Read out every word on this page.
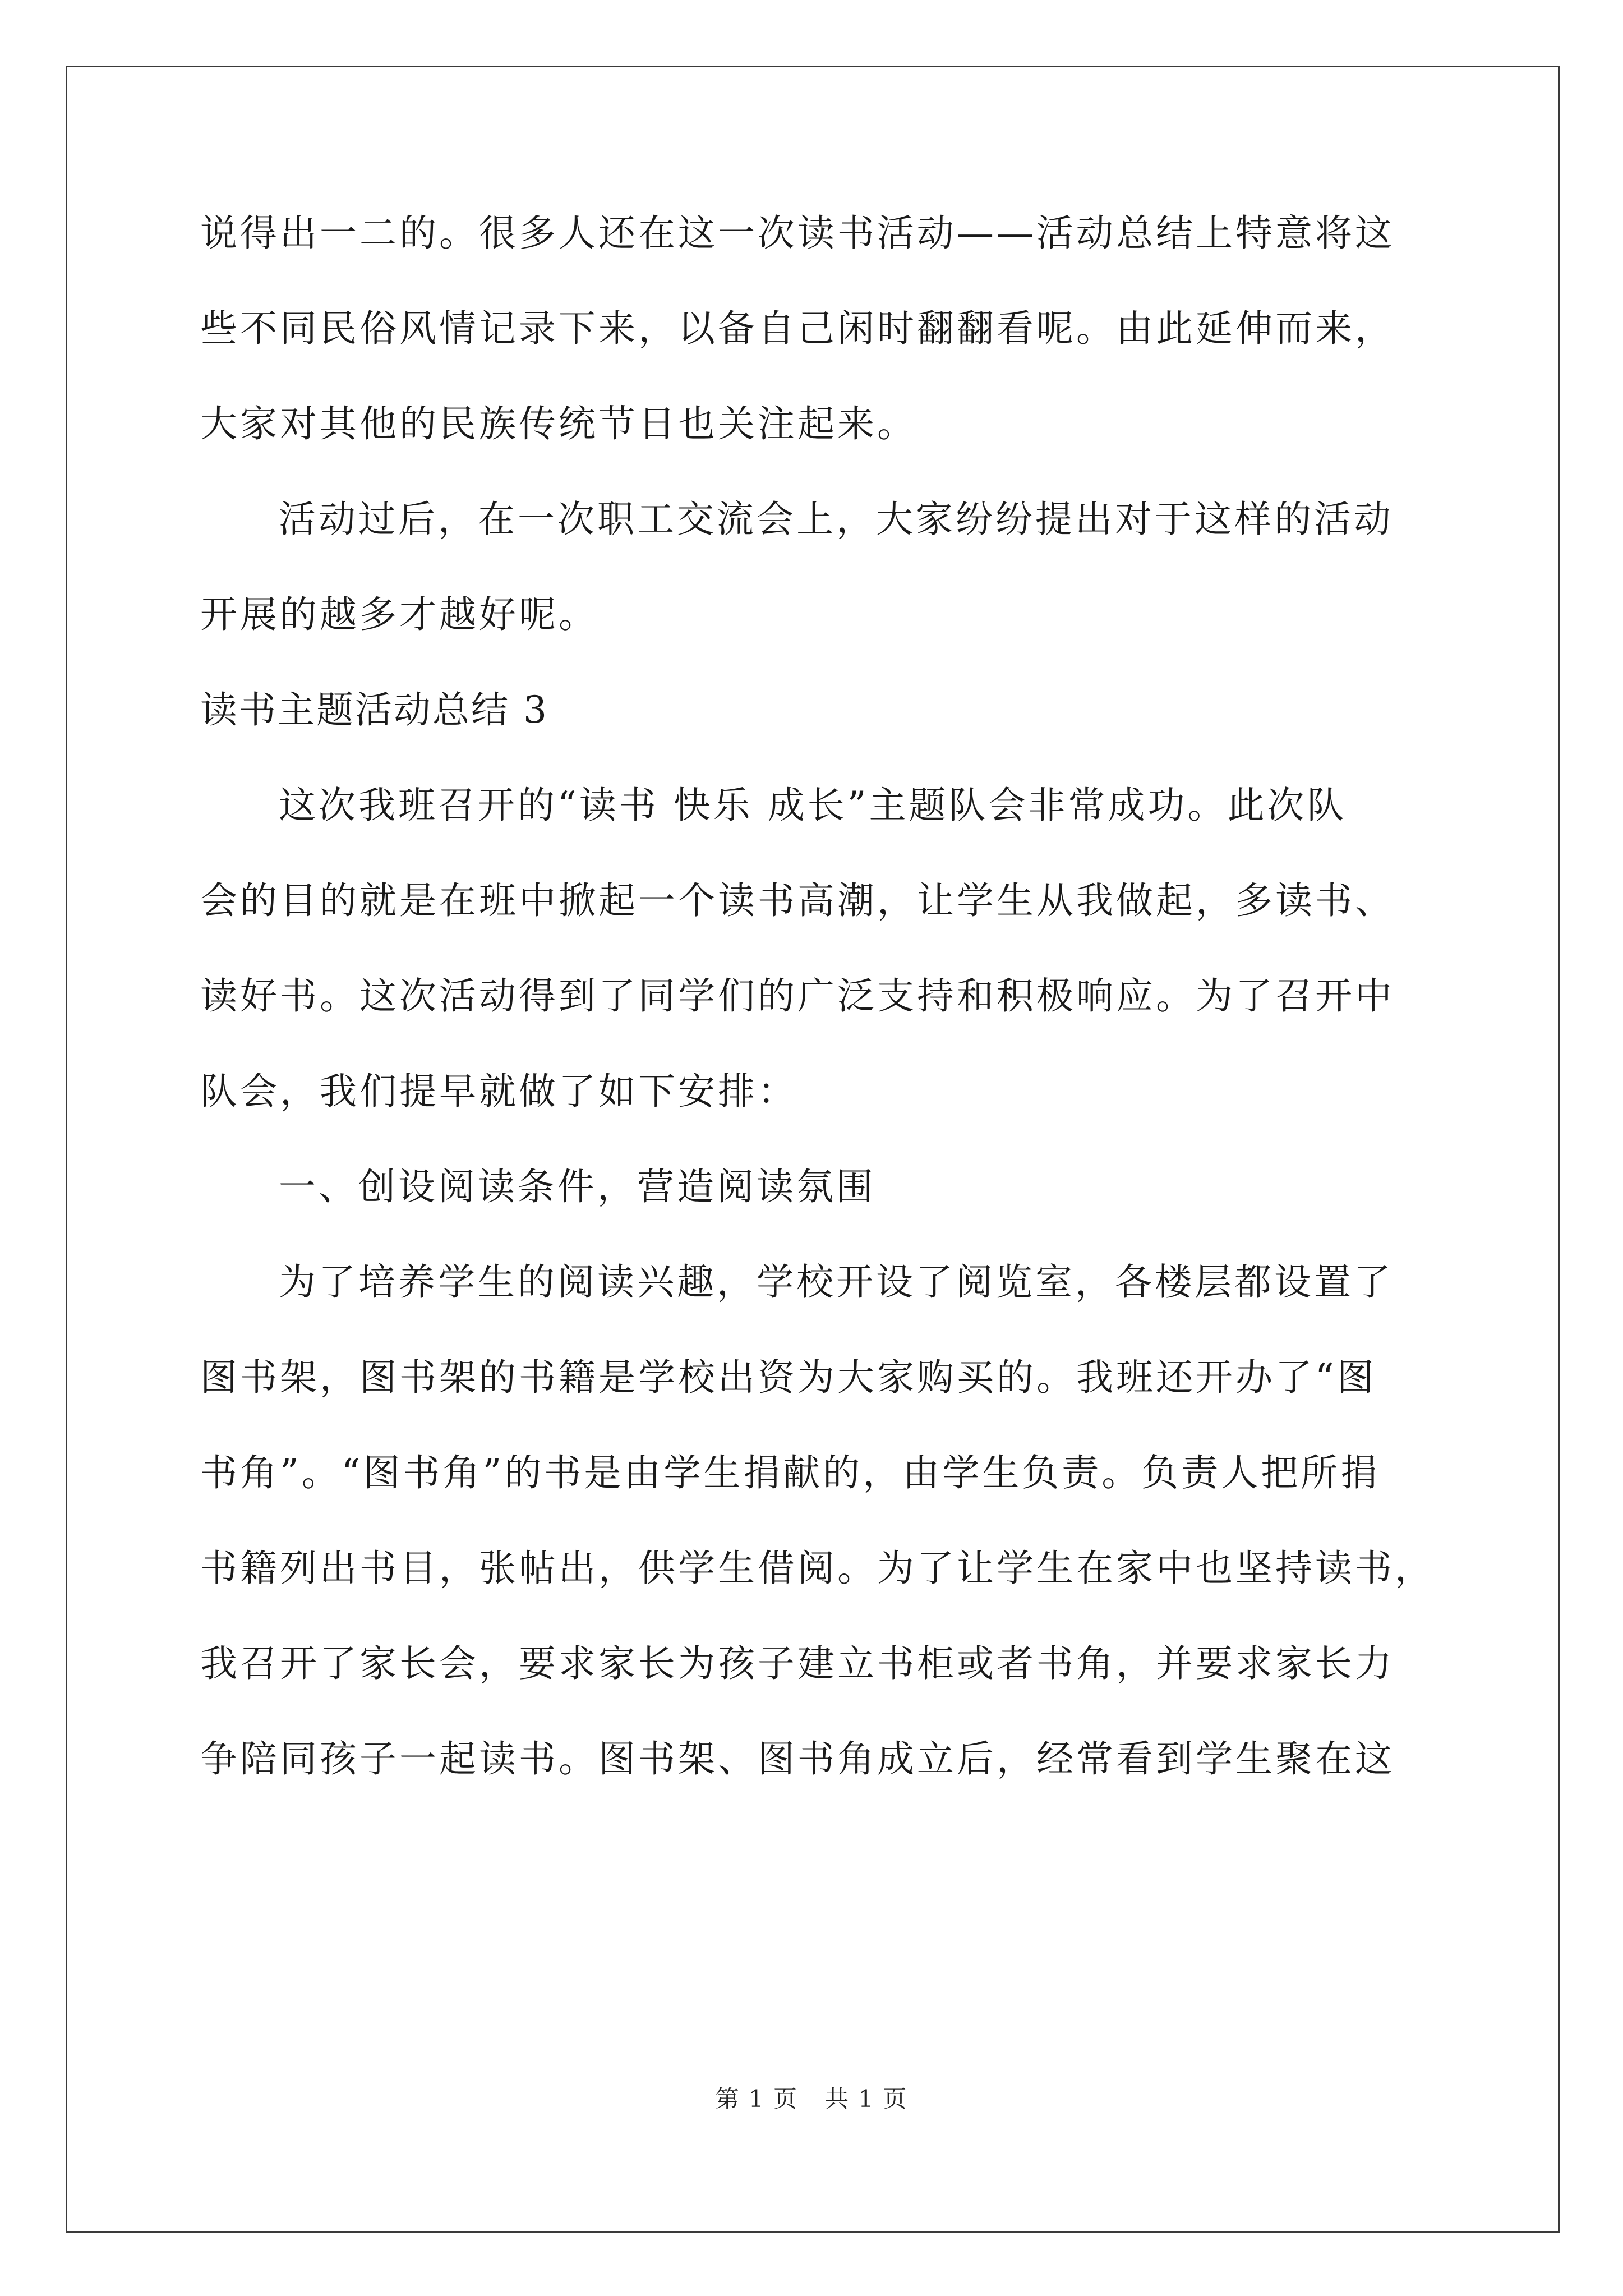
说得出一二的。很多人还在这一次读书活动——活动总结上特意将这
些不同民俗风情记录下来，以备自己闲时翻翻看呢。由此延伸而来，
大家对其他的民族传统节日也关注起来。
活动过后，在一次职工交流会上，大家纷纷提出对于这样的活动
开展的越多才越好呢。
读书主题活动总结 3
这次我班召开的“读书 快乐 成长”主题队会非常成功。此次队
会的目的就是在班中掀起一个读书高潮，让学生从我做起，多读书、
读好书。这次活动得到了同学们的广泛支持和积极响应。为了召开中
队会，我们提早就做了如下安排：
一、创设阅读条件，营造阅读氛围
为了培养学生的阅读兴趣，学校开设了阅览室，各楼层都设置了
图书架，图书架的书籍是学校出资为大家购买的。我班还开办了“图
书角”。“图书角”的书是由学生捐献的，由学生负责。负责人把所捐
书籍列出书目，张帖出，供学生借阅。为了让学生在家中也坚持读书，
我召开了家长会，要求家长为孩子建立书柜或者书角，并要求家长力
争陪同孩子一起读书。图书架、图书角成立后，经常看到学生聚在这
第 1 页 共 1 页
